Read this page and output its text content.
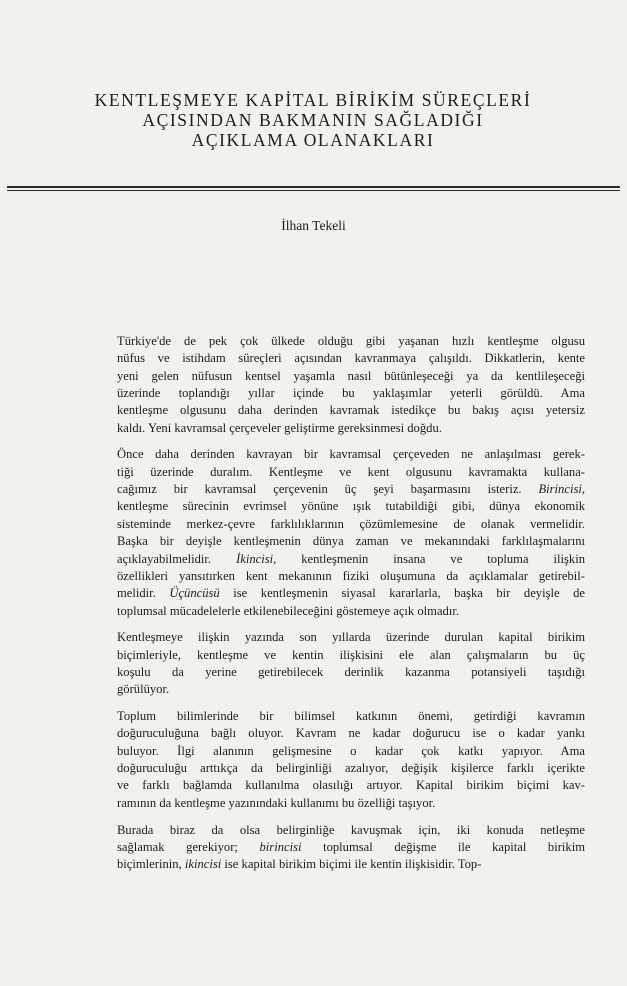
KENTLEŞMEYE KAPİTAL BİRİKİM SÜREÇLERİ
AÇISINDAN BAKMANIN SAĞLADIĞI
AÇIKLAMA OLANAKLARI
İlhan Tekeli
Türkiye'de de pek çok ülkede olduğu gibi yaşanan hızlı kentleşme olgusu
nüfus ve istihdam süreçleri açısından kavranmaya çalışıldı. Dikkatlerin, kente
yeni gelen nüfusun kentsel yaşamla nasıl bütünleşeceği ya da kentlileşeceği
üzerinde toplandığı yıllar içinde bu yaklaşımlar yeterli görüldü. Ama
kentleşme olgusunu daha derinden kavramak istedikçe bu bakış açısı yetersiz
kaldı. Yeni kavramsal çerçeveler geliştirme gereksinmesi doğdu.
Önce daha derinden kavrayan bir kavramsal çerçeveden ne anlaşılması gerek-
tiği üzerinde duralım. Kentleşme ve kent olgusunu kavramakta kullana-
cağımız bir kavramsal çerçevenin üç şeyi başarmasını isteriz. Birincisi,
kentleşme sürecinin evrimsel yönüne ışık tutabildiği gibi, dünya ekonomik
sisteminde merkez-çevre farklılıklarının çözümlemesine de olanak vermelidir.
Başka bir deyişle kentleşmenin dünya zaman ve mekanındaki farklılaşmalarını
açıklayabilmelidir. İkincisi, kentleşmenin insana ve topluma ilişkin
özellikleri yansıtırken kent mekanının fiziki oluşumuna da açıklamalar getirebil-
melidir. Üçüncüsü ise kentleşmenin siyasal kararlarla, başka bir deyişle de
toplumsal mücadelelerle etkilenebileceğini göstemeye açık olmadır.
Kentleşmeye ilişkin yazında son yıllarda üzerinde durulan kapital birikim
biçimleriyle, kentleşme ve kentin ilişkisini ele alan çalışmaların bu üç
koşulu da yerine getirebilecek derinlik kazanma potansiyeli taşıdığı
görülüyor.
Toplum bilimlerinde bir bilimsel katkının önemi, getirdiği kavramın
doğuruculuğuna bağlı oluyor. Kavram ne kadar doğurucu ise o kadar yankı
buluyor. İlgi alanının gelişmesine o kadar çok katkı yapıyor. Ama
doğuruculuğu arttıkça da belirginliği azalıyor, değişik kişilerce farklı içerikte
ve farklı bağlamda kullanılma olasılığı artıyor. Kapital birikim biçimi kav-
ramının da kentleşme yazınındaki kullanımı bu özelliği taşıyor.
Burada biraz da olsa belirginliğe kavuşmak için, iki konuda netleşme
sağlamak gerekiyor; birincisi toplumsal değişme ile kapital birikim
biçimlerinin, ikincisi ise kapital birikim biçimi ile kentin ilişkisidir. Top-
